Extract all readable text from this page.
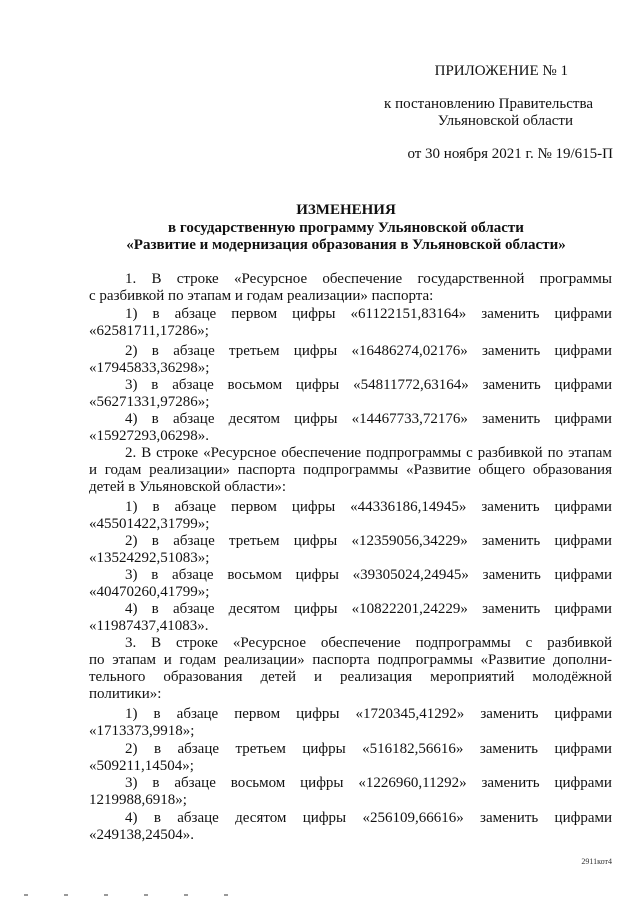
ПРИЛОЖЕНИЕ № 1
к постановлению Правительства
Ульяновской области
от 30 ноября 2021 г. № 19/615-П
ИЗМЕНЕНИЯ
в государственную программу Ульяновской области
«Развитие и модернизация образования в Ульяновской области»
1. В строке «Ресурсное обеспечение государственной программы
с разбивкой по этапам и годам реализации» паспорта:
1) в абзаце первом цифры «61122151,83164» заменить цифрами
«62581711,17286»;
2) в абзаце третьем цифры «16486274,02176» заменить цифрами
«17945833,36298»;
3) в абзаце восьмом цифры «54811772,63164» заменить цифрами
«56271331,97286»;
4) в абзаце десятом цифры «14467733,72176» заменить цифрами
«15927293,06298».
2. В строке «Ресурсное обеспечение подпрограммы с разбивкой по этапам
и годам реализации» паспорта подпрограммы «Развитие общего образования
детей в Ульяновской области»:
1) в абзаце первом цифры «44336186,14945» заменить цифрами
«45501422,31799»;
2) в абзаце третьем цифры «12359056,34229» заменить цифрами
«13524292,51083»;
3) в абзаце восьмом цифры «39305024,24945» заменить цифрами
«40470260,41799»;
4) в абзаце десятом цифры «10822201,24229» заменить цифрами
«11987437,41083».
3. В строке «Ресурсное обеспечение подпрограммы с разбивкой
по этапам и годам реализации» паспорта подпрограммы «Развитие дополни-
тельного образования детей и реализация мероприятий молодёжной
политики»:
1) в абзаце первом цифры «1720345,41292» заменить цифрами
«1713373,9918»;
2) в абзаце третьем цифры «516182,56616» заменить цифрами
«509211,14504»;
3) в абзаце восьмом цифры «1226960,11292» заменить цифрами
1219988,6918»;
4) в абзаце десятом цифры «256109,66616» заменить цифрами
«249138,24504».
2911кот4
